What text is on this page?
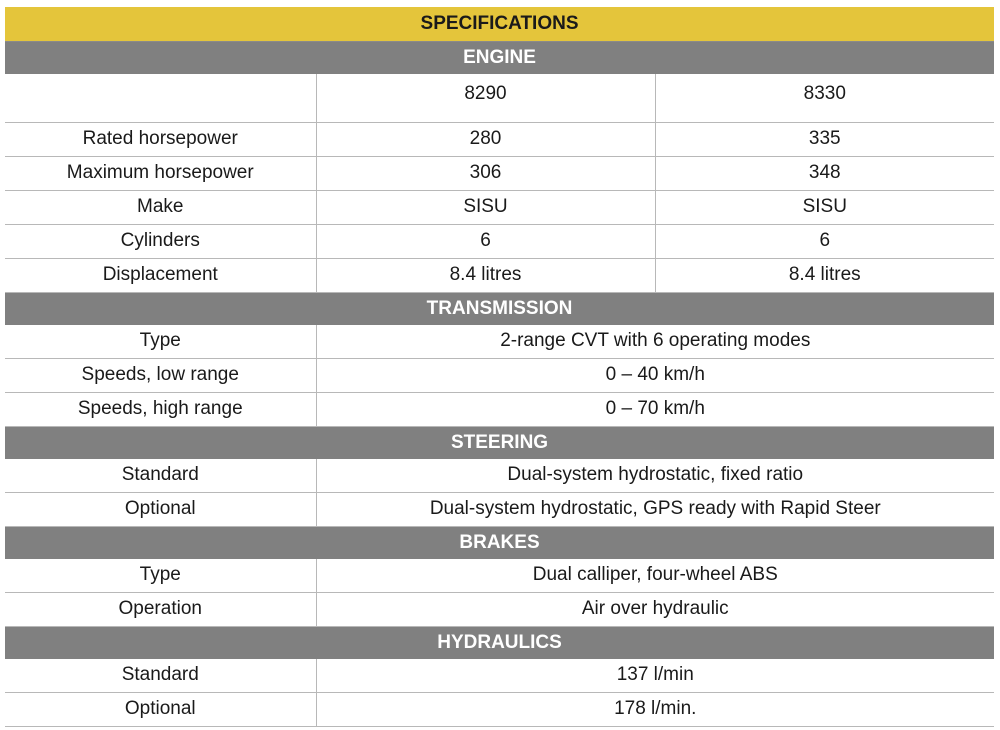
SPECIFICATIONS		
ENGINE		
	8290	8330
Rated horsepower	280	335
Maximum horsepower	306	348
Make	SISU	SISU
Cylinders	6	6
Displacement	8.4 litres	8.4 litres
TRANSMISSION		
Type	2-range CVT with 6 operating modes	
Speeds, low range	0 – 40 km/h	
Speeds, high range	0 – 70 km/h	
STEERING		
Standard	Dual-system hydrostatic, fixed ratio	
Optional	Dual-system hydrostatic, GPS ready with Rapid Steer	
BRAKES		
Type	Dual calliper, four-wheel ABS	
Operation	Air over hydraulic	
HYDRAULICS		
Standard	137 l/min	
Optional	178 l/min.	
